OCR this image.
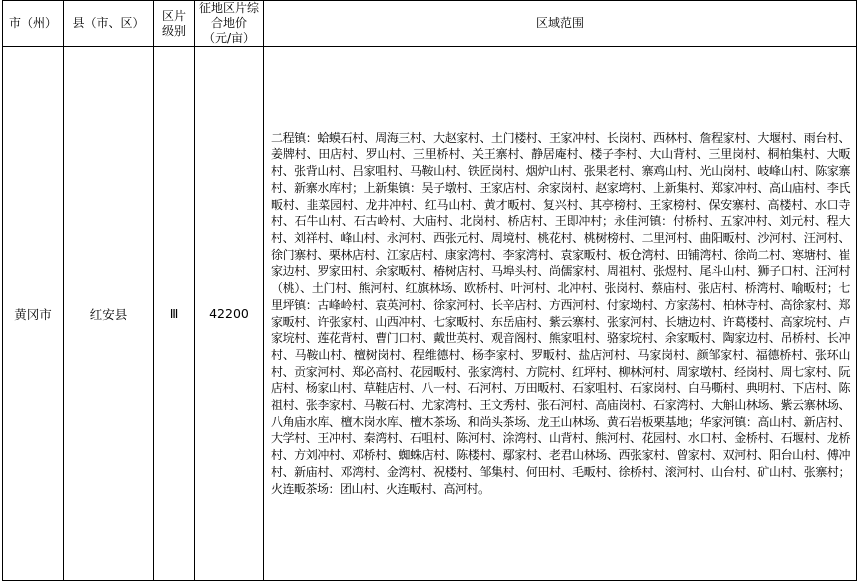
市（州）	县（市、区）	区片级别	征地区片综合地价（元/亩）	区域范围
黄冈市	红安县	Ⅲ	42200	二程镇：蛤蟆石村、周海三村、大赵家村、土门楼村、王家冲村、长岗村、西林村、詹程家村、大堰村、雨台村、姜牌村、田店村、罗山村、三里桥村、关王寨村、静居庵村、楼子李村、大山背村、三里岗村、桐柏集村、大畈村、张背山村、吕家咀村、马鞍山村、铁匠岗村、烟炉山村、张果老村、寨鸡山村、光山岗村、岐峰山村、陈家寨村、新寨水库村；上新集镇：吴子墩村、王家店村、余家岗村、赵家塆村、上新集村、郑家冲村、高山庙村、李氏畈村、韭菜园村、龙井冲村、红马山村、黄才畈村、复兴村、其亭榜村、王家榜村、保安寨村、高楼村、水口寺村、石牛山村、石古岭村、大庙村、北岗村、桥店村、王即冲村；永佳河镇：付桥村、五家冲村、刘元村、程大村、刘祥村、峰山村、永河村、西张元村、周境村、桃花村、桃树榜村、二里河村、曲阳畈村、沙河村、汪河村、徐门寨村、栗林店村、江家店村、康家湾村、李家湾村、袁家畈村、板仓湾村、田铺湾村、徐尚二村、寒塘村、崔家边村、罗家田村、余家畈村、椿树店村、马埠头村、尚儒家村、周祖村、张煜村、尾斗山村、狮子口村、汪河村（桃）、土门村、熊河村、红旗林场、欧桥村、叶河村、北冲村、张岗村、蔡庙村、张店村、桥湾村、喻畈村；七里坪镇：古峰岭村、袁英河村、徐家河村、长辛店村、方西河村、付家坳村、方家荡村、柏林寺村、高徐家村、郑家畈村、许张家村、山西冲村、七家畈村、东岳庙村、紫云寨村、张家河村、长塘边村、许葛楼村、高家垸村、卢家垸村、莲花背村、曹门口村、戴世英村、观音阁村、熊家咀村、骆家垸村、余家畈村、陶家边村、吊桥村、长冲村、马鞍山村、檀树岗村、程维德村、杨李家村、罗畈村、盐店河村、马家岗村、颜邹家村、福德桥村、张环山村、贡家河村、郑必高村、花园畈村、张家湾村、方院村、红坪村、柳林河村、周家墩村、经岗村、周七家村、阮店村、杨家山村、草鞋店村、八一村、石河村、万田畈村、石家咀村、石家岗村、白马嘶村、典明村、下店村、陈祖村、张李家村、马鞍石村、尤家湾村、王文秀村、张石河村、高庙岗村、石家湾村、大斛山林场、紫云寨林场、八角庙水库、檀木岗水库、檀木茶场、和尚头茶场、龙王山林场、黄石岩板栗基地；华家河镇：高山村、新店村、大学村、王冲村、秦湾村、石咀村、陈河村、涂湾村、山背村、熊河村、花园村、水口村、金桥村、石堰村、龙桥村、方刘冲村、邓桥村、蜘蛛店村、陈楼村、鄢家村、老君山林场、西张家村、曾家村、双河村、阳台山村、傅冲村、新庙村、邓湾村、金湾村、祝楼村、邹集村、何田村、毛畈村、徐桥村、滚河村、山台村、矿山村、张寨村；火连畈茶场：团山村、火连畈村、高河村。
